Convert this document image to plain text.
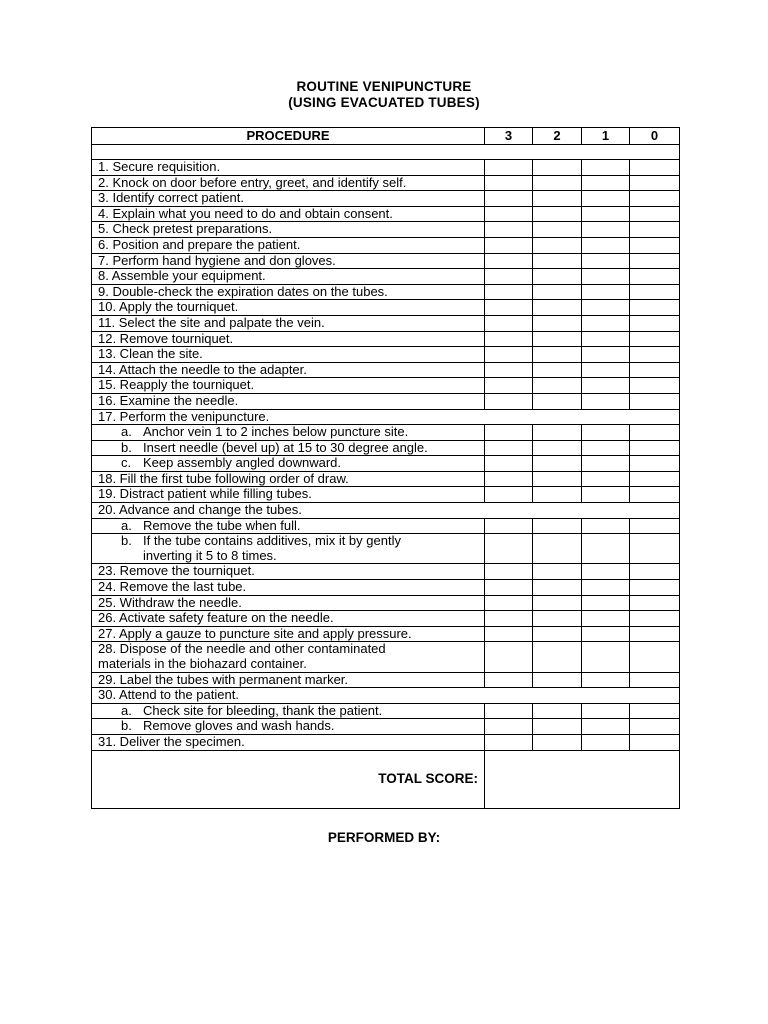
ROUTINE VENIPUNCTURE
(USING EVACUATED TUBES)
PROCEDURE	3	2	1	0

1. Secure requisition.				
2. Knock on door before entry, greet, and identify self.				
3. Identify correct patient.				
4. Explain what you need to do and obtain consent.				
5. Check pretest preparations.				
6. Position and prepare the patient.				
7. Perform hand hygiene and don gloves.				
8. Assemble your equipment.				
9. Double-check the expiration dates on the tubes.				
10. Apply the tourniquet.				
11. Select the site and palpate the vein.				
12. Remove tourniquet.				
13. Clean the site.				
14. Attach the needle to the adapter.				
15. Reapply the tourniquet.				
16. Examine the needle.				
17. Perform the venipuncture.				
a. Anchor vein 1 to 2 inches below puncture site.				
b. Insert needle (bevel up) at 15 to 30 degree angle.				
c. Keep assembly angled downward.				
18. Fill the first tube following order of draw.				
19. Distract patient while filling tubes.				
20. Advance and change the tubes.				
a. Remove the tube when full.				

b. If the tube contains additives, mix it by gently
inverting it 5 to 8 times.				

23. Remove the tourniquet.				
24. Remove the last tube.				
25. Withdraw the needle.				
26. Activate safety feature on the needle.				
27. Apply a gauze to puncture site and apply pressure.				

28. Dispose of the needle and other contaminated
materials in the biohazard container.				

29. Label the tubes with permanent marker.				
30. Attend to the patient.				
a. Check site for bleeding, thank the patient.				
b. Remove gloves and wash hands.				
31. Deliver the specimen.				
TOTAL SCORE:				
PERFORMED BY:
